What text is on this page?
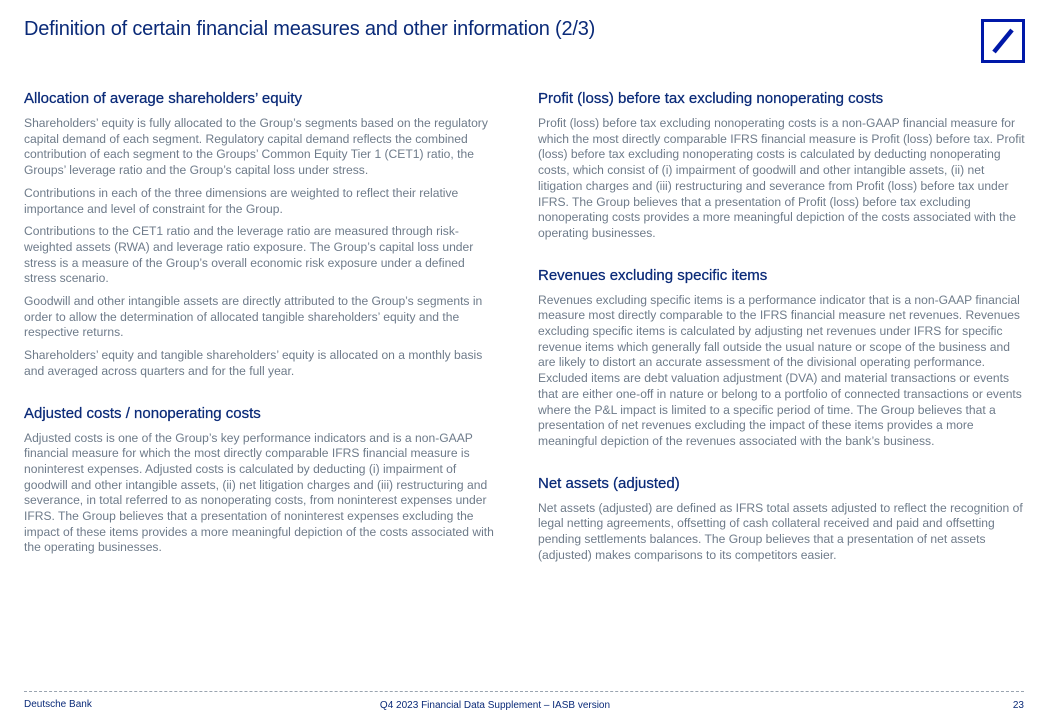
Definition of certain financial measures and other information (2/3)
Allocation of average shareholders’ equity

Shareholders’ equity is fully allocated to the Group’s segments based on the regulatory capital demand of each segment. Regulatory capital demand reflects the combined contribution of each segment to the Groups’ Common Equity Tier 1 (CET1) ratio, the Groups’ leverage ratio and the Group’s capital loss under stress.

Contributions in each of the three dimensions are weighted to reflect their relative importance and level of constraint for the Group.

Contributions to the CET1 ratio and the leverage ratio are measured through risk-weighted assets (RWA) and leverage ratio exposure. The Group’s capital loss under stress is a measure of the Group’s overall economic risk exposure under a defined stress scenario.

Goodwill and other intangible assets are directly attributed to the Group’s segments in order to allow the determination of allocated tangible shareholders’ equity and the respective returns.

Shareholders’ equity and tangible shareholders’ equity is allocated on a monthly basis and averaged across quarters and for the full year.

Adjusted costs / nonoperating costs

Adjusted costs is one of the Group’s key performance indicators and is a non-GAAP financial measure for which the most directly comparable IFRS financial measure is noninterest expenses. Adjusted costs is calculated by deducting (i) impairment of goodwill and other intangible assets, (ii) net litigation charges and (iii) restructuring and severance, in total referred to as nonoperating costs, from noninterest expenses under IFRS. The Group believes that a presentation of noninterest expenses excluding the impact of these items provides a more meaningful depiction of the costs associated with the operating businesses.

Profit (loss) before tax excluding nonoperating costs

Profit (loss) before tax excluding nonoperating costs is a non-GAAP financial measure for which the most directly comparable IFRS financial measure is Profit (loss) before tax. Profit (loss) before tax excluding nonoperating costs is calculated by deducting nonoperating costs, which consist of (i) impairment of goodwill and other intangible assets, (ii) net litigation charges and (iii) restructuring and severance from Profit (loss) before tax under IFRS. The Group believes that a presentation of Profit (loss) before tax excluding nonoperating costs provides a more meaningful depiction of the costs associated with the operating businesses.

Revenues excluding specific items

Revenues excluding specific items is a performance indicator that is a non-GAAP financial measure most directly comparable to the IFRS financial measure net revenues. Revenues excluding specific items is calculated by adjusting net revenues under IFRS for specific revenue items which generally fall outside the usual nature or scope of the business and are likely to distort an accurate assessment of the divisional operating performance. Excluded items are debt valuation adjustment (DVA) and material transactions or events that are either one-off in nature or belong to a portfolio of connected transactions or events where the P&L impact is limited to a specific period of time. The Group believes that a presentation of net revenues excluding the impact of these items provides a more meaningful depiction of the revenues associated with the bank’s business.

Net assets (adjusted)

Net assets (adjusted) are defined as IFRS total assets adjusted to reflect the recognition of legal netting agreements, offsetting of cash collateral received and paid and offsetting pending settlements balances. The Group believes that a presentation of net assets (adjusted) makes comparisons to its competitors easier.

Deutsche Bank	Q4 2023 Financial Data Supplement – IASB version	23
